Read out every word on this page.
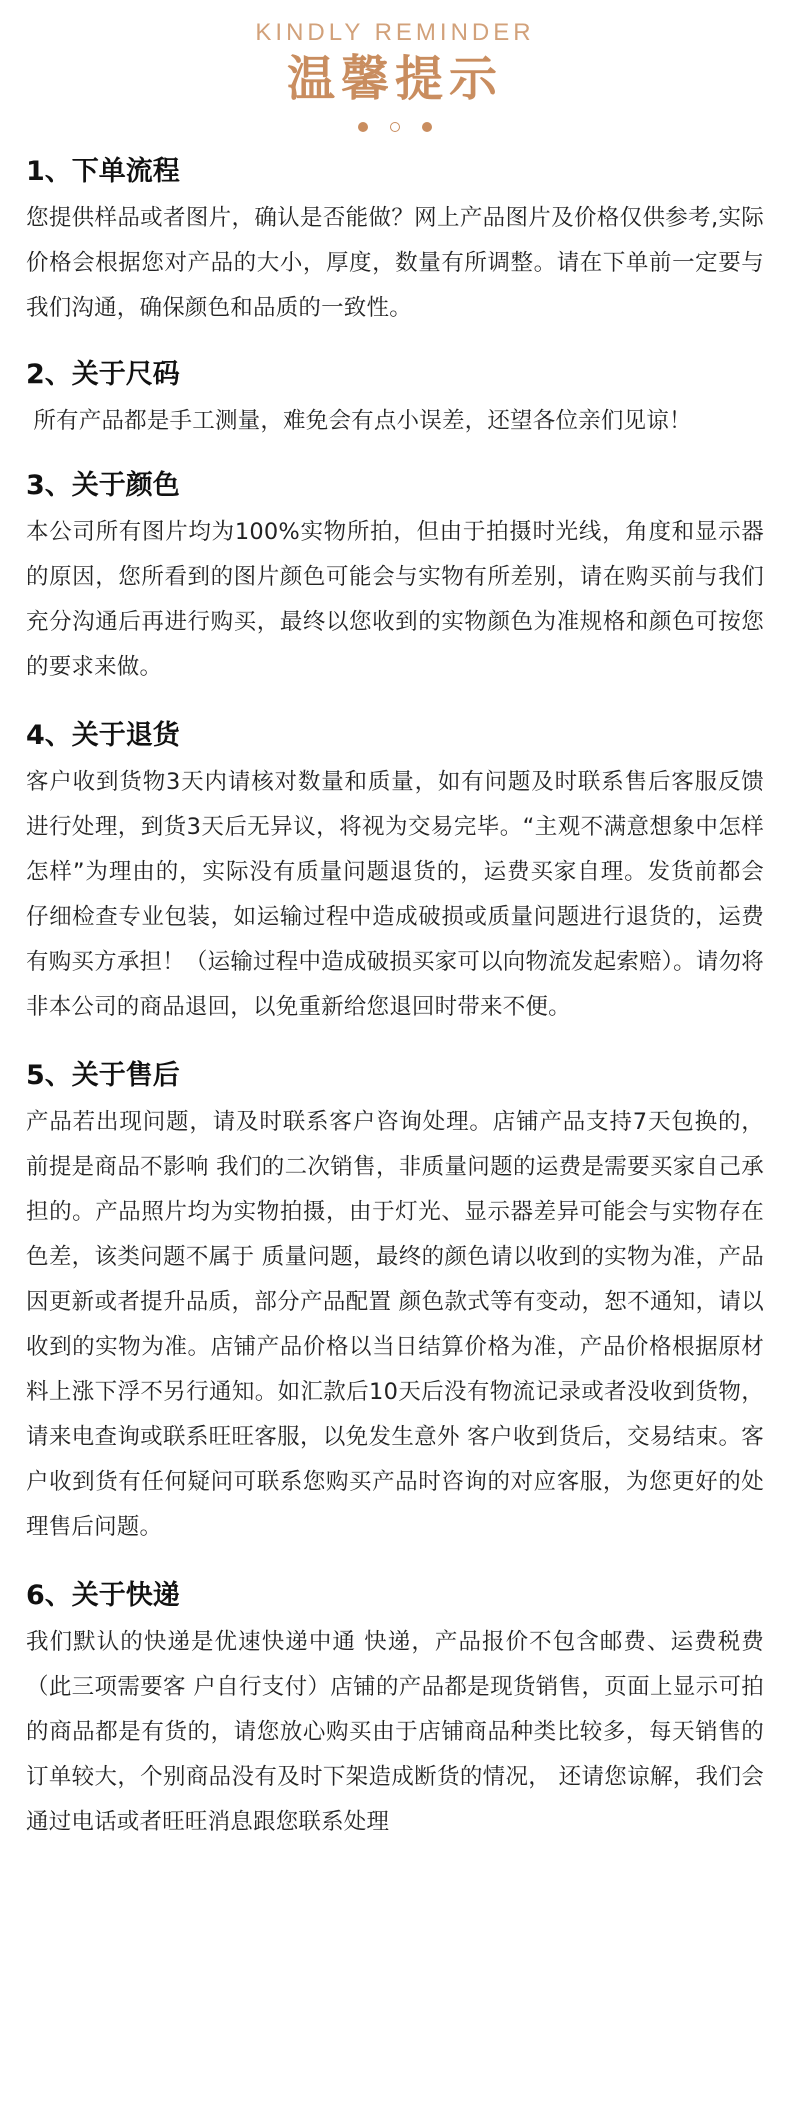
KINDLY REMINDER

温馨提示

1、下单流程

您提供样品或者图片，确认是否能做？网上产品图片及价格仅供参考,实际价格会根据您对产品的大小，厚度，数量有所调整。请在下单前一定要与我们沟通，确保颜色和品质的一致性。

2、关于尺码

所有产品都是手工测量，难免会有点小误差，还望各位亲们见谅！

3、关于颜色

本公司所有图片均为100%实物所拍，但由于拍摄时光线，角度和显示器的原因，您所看到的图片颜色可能会与实物有所差别，请在购买前与我们充分沟通后再进行购买，最终以您收到的实物颜色为准规格和颜色可按您的要求来做。

4、关于退货

客户收到货物3天内请核对数量和质量，如有问题及时联系售后客服反馈进行处理，到货3天后无异议，将视为交易完毕。“主观不满意想象中怎样怎样”为理由的，实际没有质量问题退货的，运费买家自理。发货前都会仔细检查专业包装，如运输过程中造成破损或质量问题进行退货的，运费有购买方承担！（运输过程中造成破损买家可以向物流发起索赔）。请勿将非本公司的商品退回，以免重新给您退回时带来不便。

5、关于售后

产品若出现问题，请及时联系客户咨询处理。店铺产品支持7天包换的，前提是商品不影响 我们的二次销售，非质量问题的运费是需要买家自己承担的。产品照片均为实物拍摄，由于灯光、显示器差异可能会与实物存在色差，该类问题不属于 质量问题，最终的颜色请以收到的实物为准，产品因更新或者提升品质，部分产品配置 颜色款式等有变动，恕不通知，请以收到的实物为准。店铺产品价格以当日结算价格为准，产品价格根据原材料上涨下浮不另行通知。如汇款后10天后没有物流记录或者没收到货物，请来电查询或联系旺旺客服，以免发生意外 客户收到货后，交易结束。客户收到货有任何疑问可联系您购买产品时咨询的对应客服，为您更好的处理售后问题。

6、关于快递

我们默认的快递是优速快递中通 快递，产品报价不包含邮费、运费税费（此三项需要客 户自行支付）店铺的产品都是现货销售，页面上显示可拍的商品都是有货的，请您放心购买由于店铺商品种类比较多，每天销售的订单较大，个别商品没有及时下架造成断货的情况， 还请您谅解，我们会通过电话或者旺旺消息跟您联系处理
